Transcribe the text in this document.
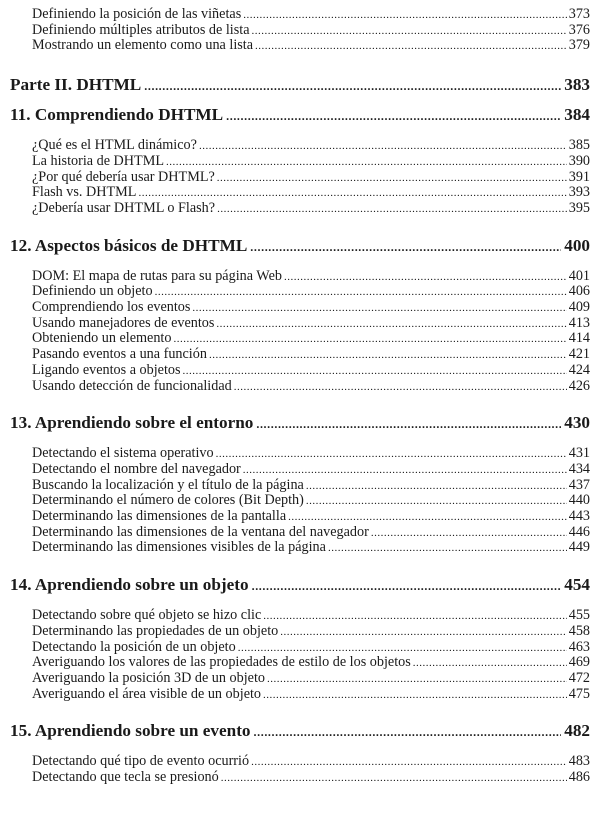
Definiendo la posición de las viñetas .....	373
Definiendo múltiples atributos de lista .....	376
Mostrando un elemento como una lista .....	379
Parte II. DHTML .....	383
11. Comprendiendo DHTML .....	384
¿Qué es el HTML dinámico? .....	385
La historia de DHTML .....	390
¿Por qué debería usar DHTML? .....	391
Flash vs. DHTML .....	393
¿Debería usar DHTML o Flash? .....	395
12. Aspectos básicos de DHTML .....	400
DOM: El mapa de rutas para su página Web .....	401
Definiendo un objeto .....	406
Comprendiendo los eventos .....	409
Usando manejadores de eventos .....	413
Obteniendo un elemento .....	414
Pasando eventos a una función .....	421
Ligando eventos a objetos .....	424
Usando detección de funcionalidad .....	426
13. Aprendiendo sobre el entorno .....	430
Detectando el sistema operativo .....	431
Detectando el nombre del navegador .....	434
Buscando la localización y el título de la página .....	437
Determinando el número de colores (Bit Depth) .....	440
Determinando las dimensiones de la pantalla .....	443
Determinando las dimensiones de la ventana del navegador .....	446
Determinando las dimensiones visibles de la página .....	449
14. Aprendiendo sobre un objeto .....	454
Detectando sobre qué objeto se hizo clic .....	455
Determinando las propiedades de un objeto .....	458
Detectando la posición de un objeto .....	463
Averiguando los valores de las propiedades de estilo de los objetos .....	469
Averiguando la posición 3D de un objeto .....	472
Averiguando el área visible de un objeto .....	475
15. Aprendiendo sobre un evento .....	482
Detectando qué tipo de evento ocurrió .....	483
Detectando que tecla se presionó .....	486
